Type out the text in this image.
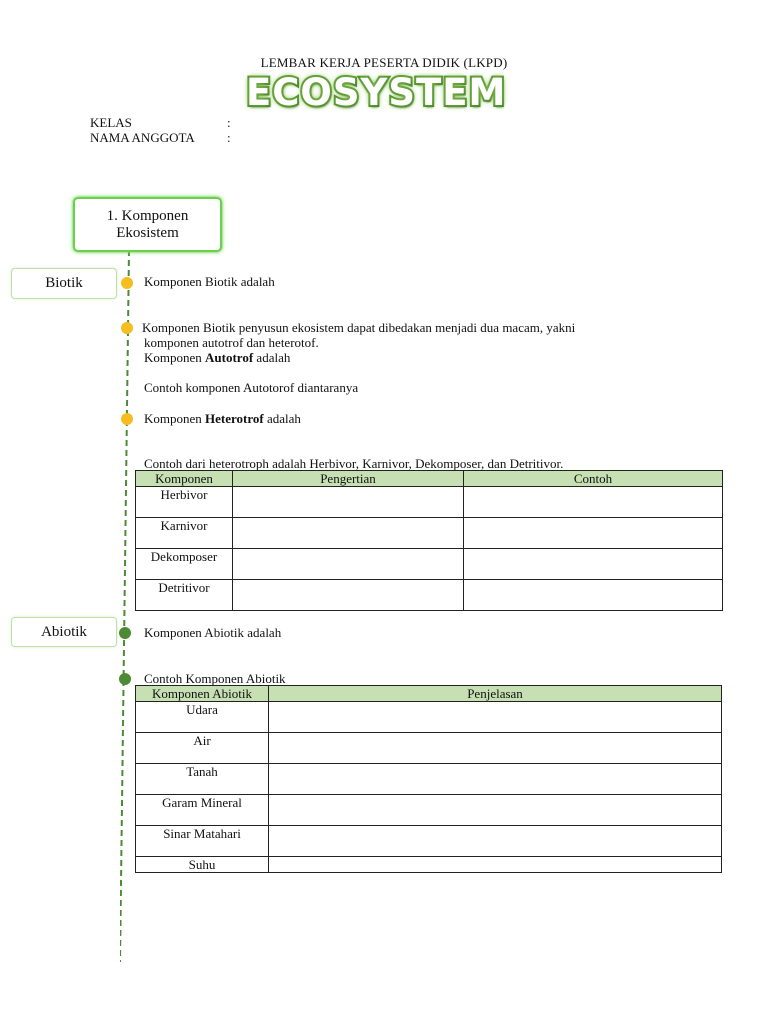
LEMBAR KERJA PESERTA DIDIK (LKPD)
ECOSYSTEM
KELAS	:
NAMA ANGGOTA :
1. Komponen
Ekosistem
Biotik
Abiotik
Komponen Biotik adalah
Komponen Biotik penyusun ekosistem dapat dibedakan menjadi dua macam, yakni
komponen autotrof dan heterotof.
Komponen Autotrof adalah
Contoh komponen Autotorof diantaranya
Komponen Heterotrof adalah
Contoh dari heterotroph adalah Herbivor, Karnivor, Dekomposer, dan Detritivor.
Komponen	Pengertian	Contoh
Herbivor		
Karnivor		
Dekomposer		
Detritivor		
Komponen Abiotik adalah
Contoh Komponen Abiotik
Komponen Abiotik	Penjelasan
Udara	
Air	
Tanah	
Garam Mineral	
Sinar Matahari	
Suhu	
